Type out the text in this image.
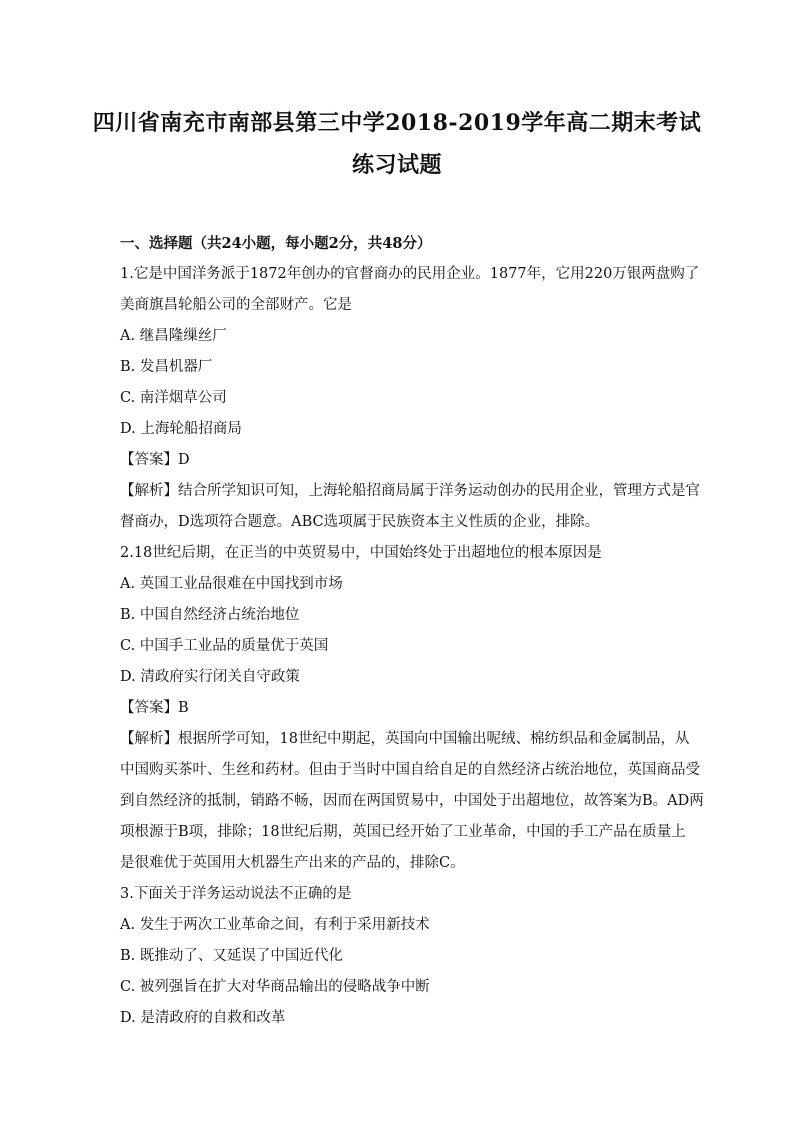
四川省南充市南部县第三中学2018-2019学年高二期末考试
练习试题
一、选择题（共24小题，每小题2分，共48分）
1.它是中国洋务派于1872年创办的官督商办的民用企业。1877年，它用220万银两盘购了
美商旗昌轮船公司的全部财产。它是
A. 继昌隆缫丝厂
B. 发昌机器厂
C. 南洋烟草公司
D. 上海轮船招商局
【答案】D
【解析】结合所学知识可知，上海轮船招商局属于洋务运动创办的民用企业，管理方式是官
督商办，D选项符合题意。ABC选项属于民族资本主义性质的企业，排除。
2.18世纪后期，在正当的中英贸易中，中国始终处于出超地位的根本原因是
A. 英国工业品很难在中国找到市场
B. 中国自然经济占统治地位
C. 中国手工业品的质量优于英国
D. 清政府实行闭关自守政策
【答案】B
【解析】根据所学可知，18世纪中期起，英国向中国输出呢绒、棉纺织品和金属制品，从
中国购买茶叶、生丝和药材。但由于当时中国自给自足的自然经济占统治地位，英国商品受
到自然经济的抵制，销路不畅，因而在两国贸易中，中国处于出超地位，故答案为B。AD两
项根源于B项，排除；18世纪后期，英国已经开始了工业革命，中国的手工产品在质量上
是很难优于英国用大机器生产出来的产品的，排除C。
3.下面关于洋务运动说法不正确的是
A. 发生于两次工业革命之间，有利于采用新技术
B. 既推动了、又延误了中国近代化
C. 被列强旨在扩大对华商品输出的侵略战争中断
D. 是清政府的自救和改革
